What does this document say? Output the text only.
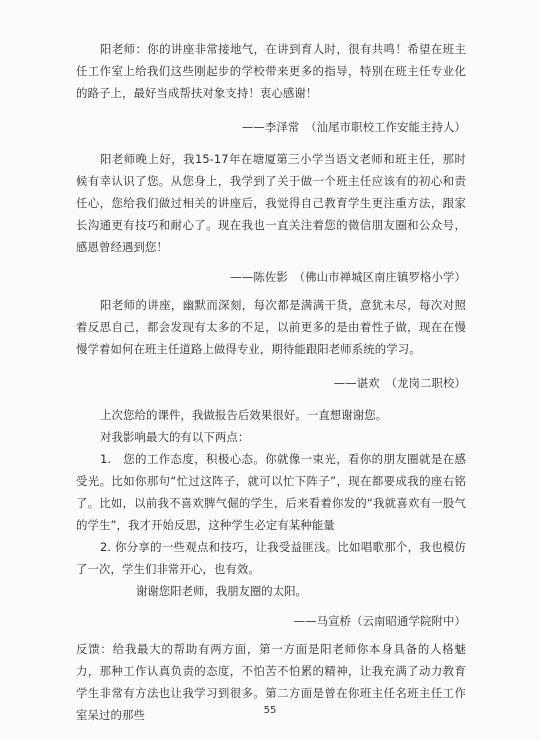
阳老师：你的讲座非常接地气，在讲到育人时，很有共鸣！希望在班主任工作室上给我们这些刚起步的学校带来更多的指导，特别在班主任专业化的路子上，最好当成帮扶对象支持！衷心感谢！

——李泽常　（汕尾市职校工作安能主持人）

阳老师晚上好，我15-17年在塘厦第三小学当语文老师和班主任，那时候有幸认识了您。从您身上，我学到了关于做一个班主任应该有的初心和责任心，您给我们做过相关的讲座后，我觉得自己教育学生更注重方法，跟家长沟通更有技巧和耐心了。现在我也一直关注着您的微信朋友圈和公众号，感恩曾经遇到您！

——陈佐影　（佛山市禅城区南庄镇罗格小学）

阳老师的讲座，幽默而深刻，每次都是满满干货，意犹未尽，每次对照着反思自己，都会发现有太多的不足，以前更多的是由着性子做，现在在慢慢学着如何在班主任道路上做得专业，期待能跟阳老师系统的学习。

——谌欢　（龙岗二职校）

上次您给的课件，我做报告后效果很好。一直想谢谢您。

对我影响最大的有以下两点：

1.　您的工作态度，积极心态。你就像一束光，看你的朋友圈就是在感受光。比如你那句“忙过这阵子，就可以忙下阵子”，现在都要成我的座右铭了。比如，以前我不喜欢脾气倔的学生，后来看着你发的“我就喜欢有一股气的学生”，我才开始反思，这种学生必定有某种能量

2. 你分享的一些观点和技巧，让我受益匪浅。比如唱歌那个，我也模仿了一次，学生们非常开心，也有效。

谢谢您阳老师，我朋友圈的太阳。

——马宣桥（云南昭通学院附中）

反馈：给我最大的帮助有两方面，第一方面是阳老师你本身具备的人格魅力，那种工作认真负责的态度，不怕苦不怕累的精神，让我充满了动力教育学生非常有方法也让我学习到很多。第二方面是曾在你班主任名班主任工作室呆过的那些	55
